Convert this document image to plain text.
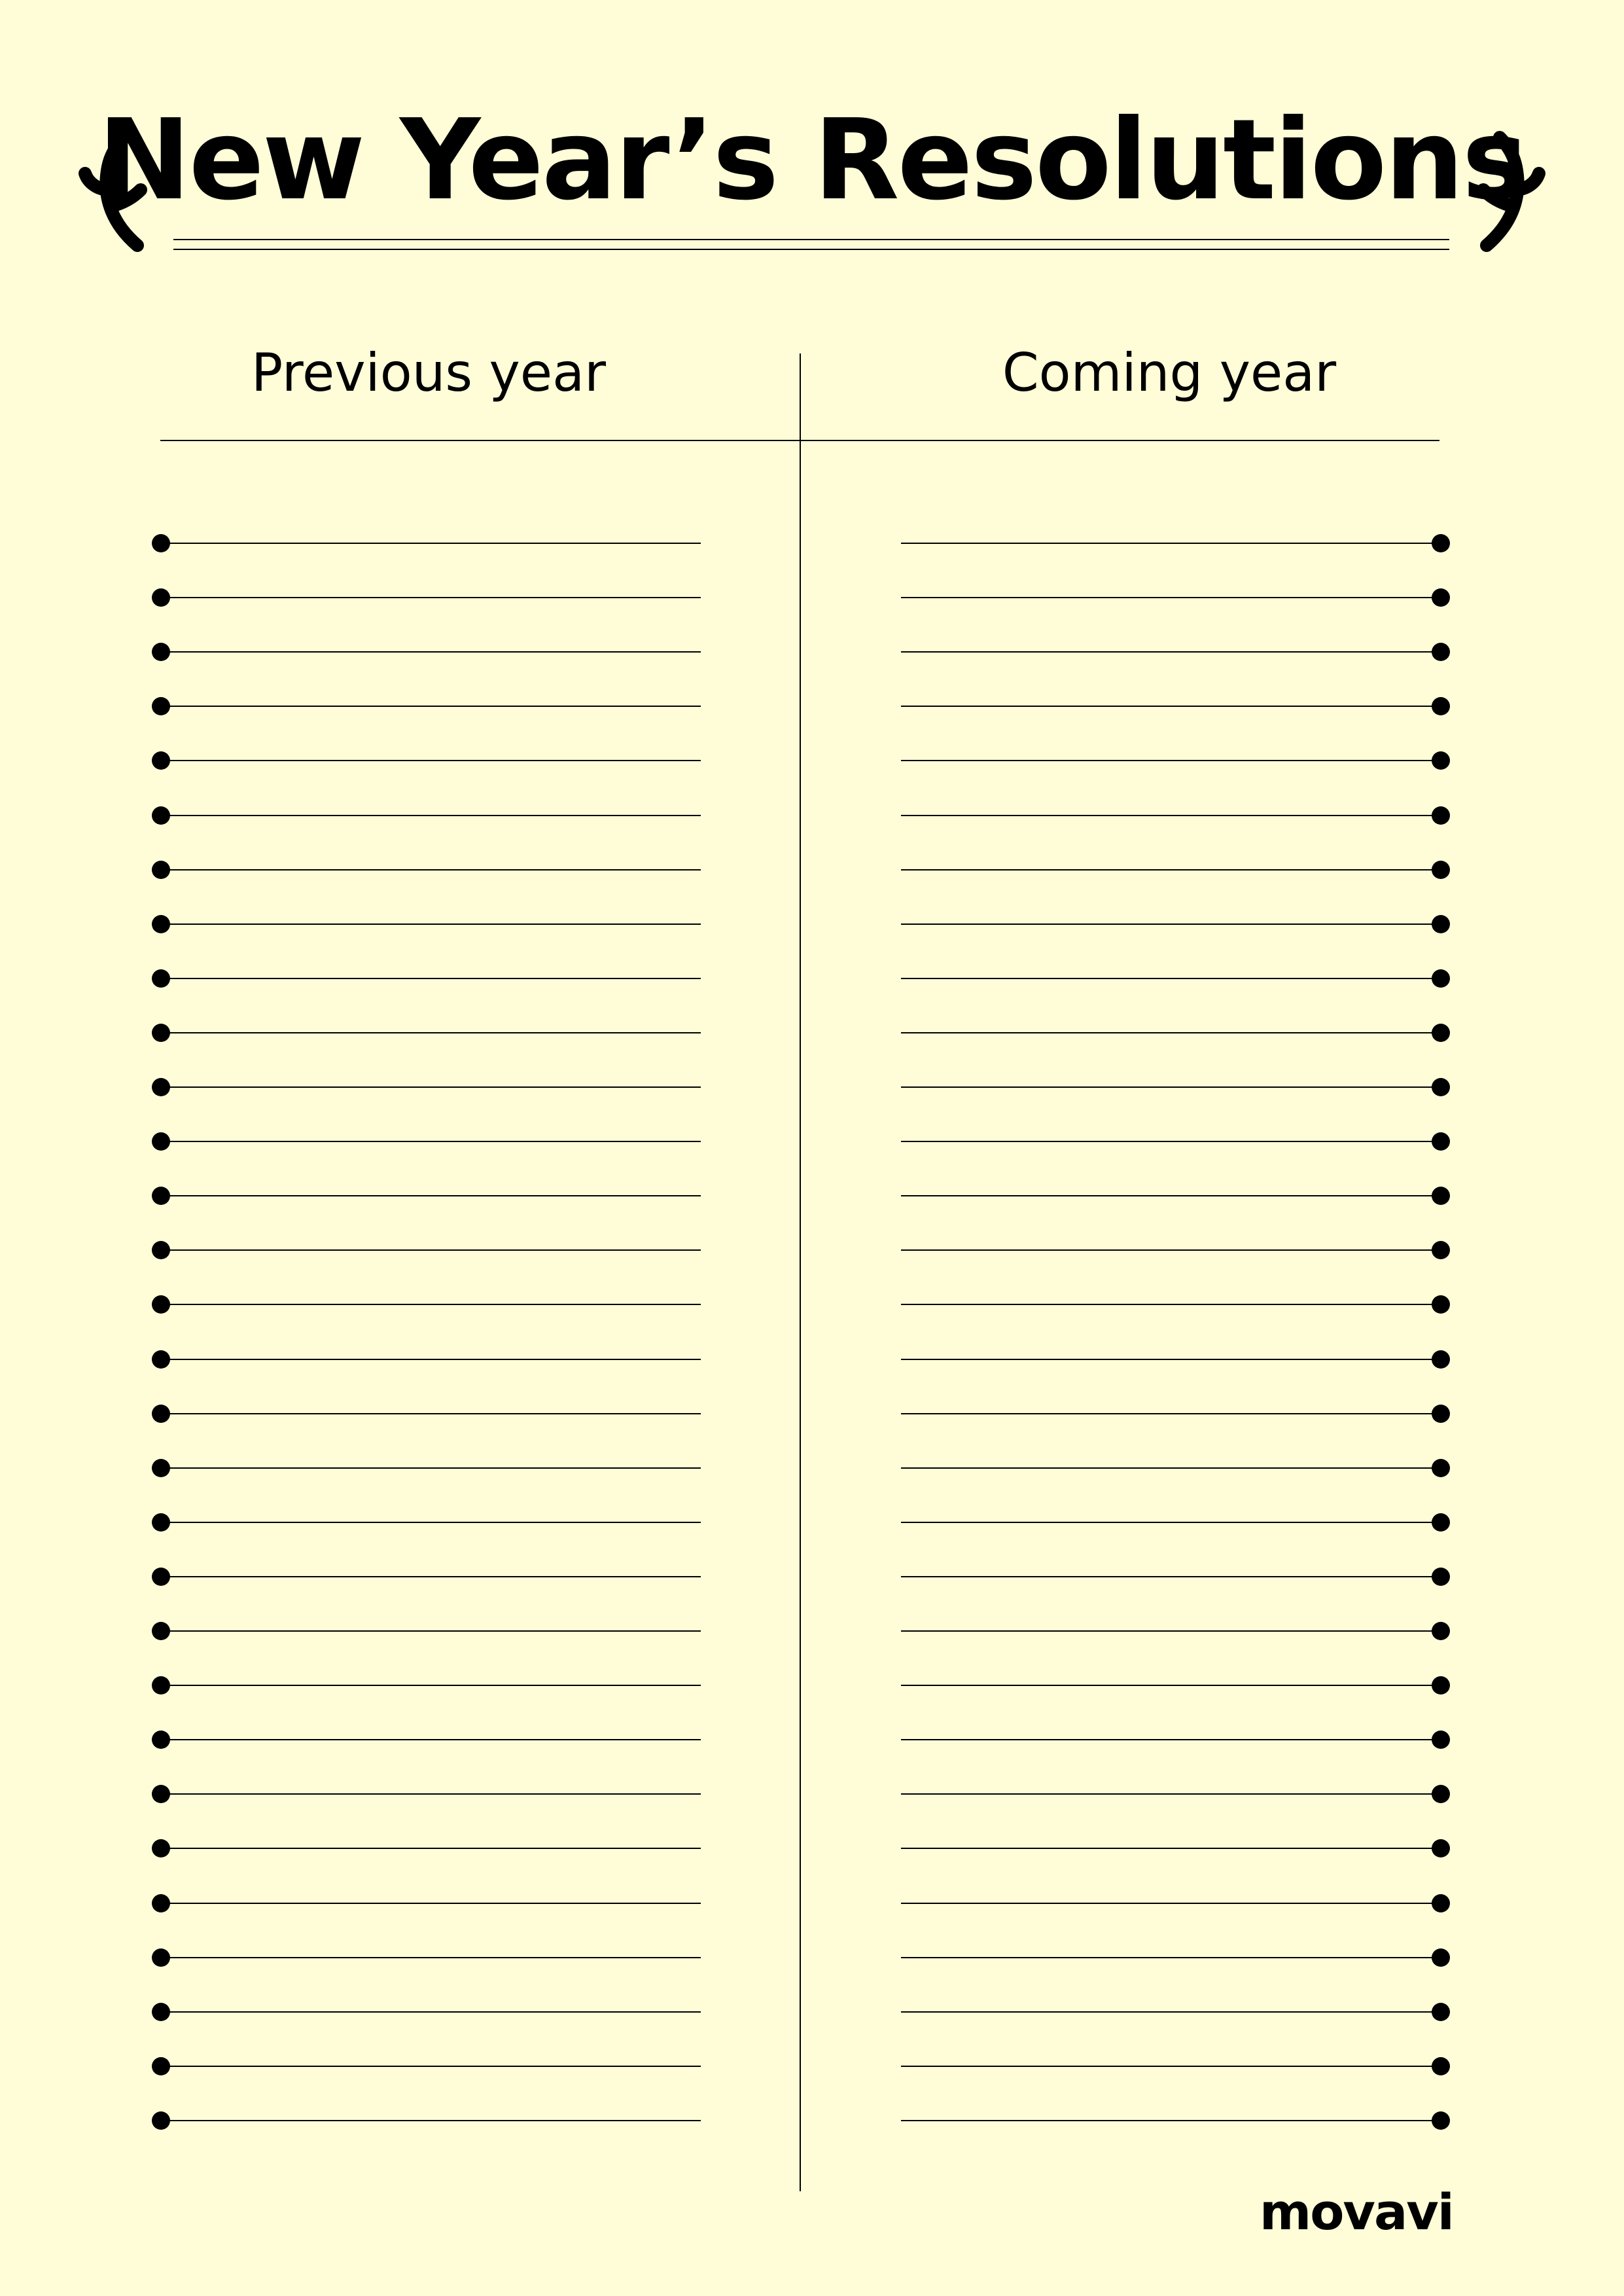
New Year’s Resolutions
Previous year	Coming year
movavi
